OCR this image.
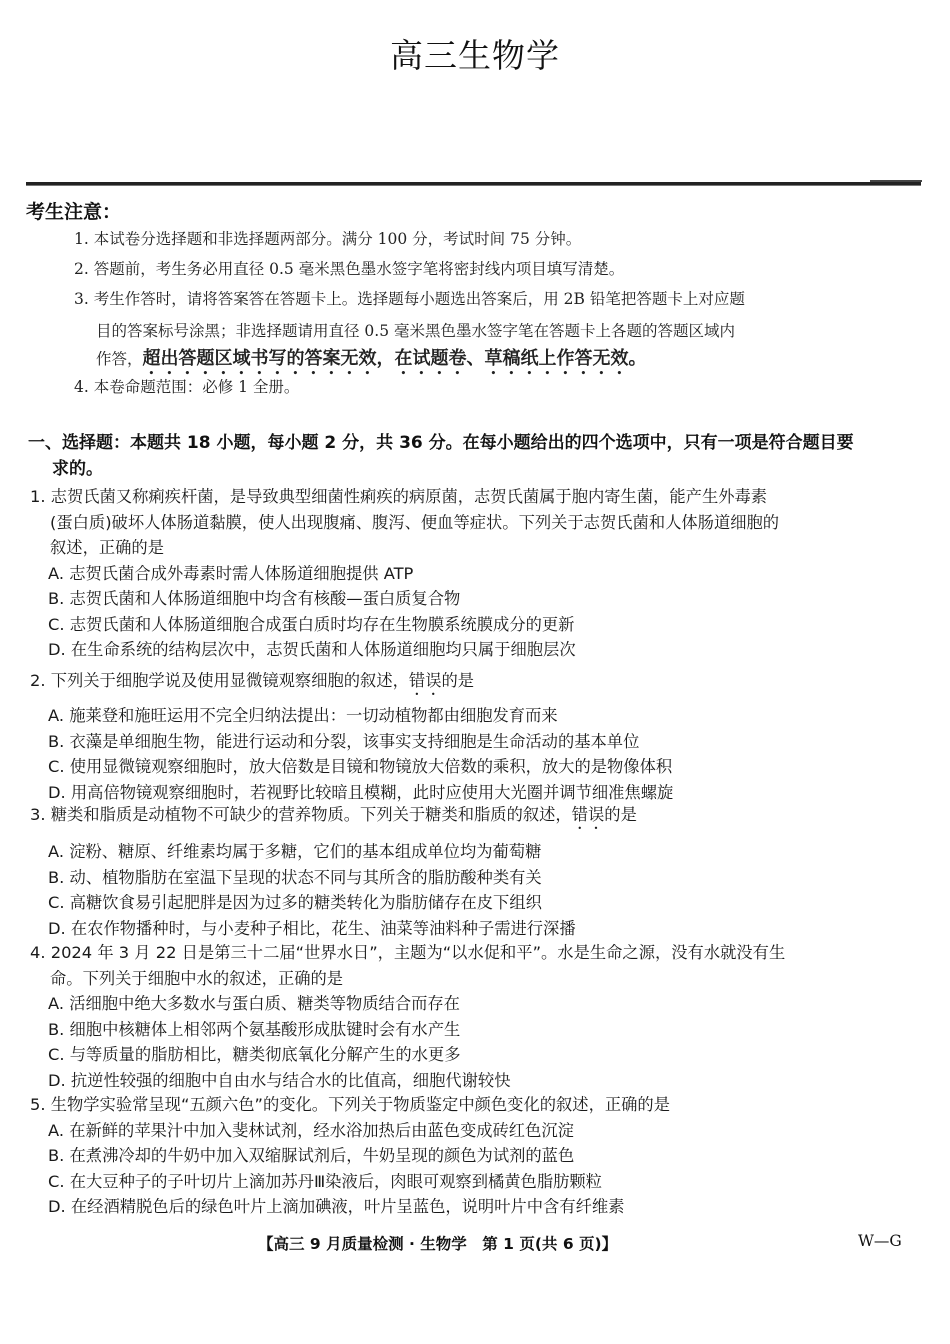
高三生物学
考生注意：
1. 本试卷分选择题和非选择题两部分。满分 100 分，考试时间 75 分钟。
2. 答题前，考生务必用直径 0.5 毫米黑色墨水签字笔将密封线内项目填写清楚。
3. 考生作答时，请将答案答在答题卡上。选择题每小题选出答案后，用 2B 铅笔把答题卡上对应题
目的答案标号涂黑；非选择题请用直径 0.5 毫米黑色墨水签字笔在答题卡上各题的答题区域内
作答，超出答题区域书写的答案无效，在试题卷、草稿纸上作答无效。
4. 本卷命题范围：必修 1 全册。
一、选择题：本题共 18 小题，每小题 2 分，共 36 分。在每小题给出的四个选项中，只有一项是符合题目要
求的。
1. 志贺氏菌又称痢疾杆菌，是导致典型细菌性痢疾的病原菌，志贺氏菌属于胞内寄生菌，能产生外毒素
(蛋白质)破坏人体肠道黏膜，使人出现腹痛、腹泻、便血等症状。下列关于志贺氏菌和人体肠道细胞的
叙述，正确的是
A. 志贺氏菌合成外毒素时需人体肠道细胞提供 ATP
B. 志贺氏菌和人体肠道细胞中均含有核酸—蛋白质复合物
C. 志贺氏菌和人体肠道细胞合成蛋白质时均存在生物膜系统膜成分的更新
D. 在生命系统的结构层次中，志贺氏菌和人体肠道细胞均只属于细胞层次
2. 下列关于细胞学说及使用显微镜观察细胞的叙述，错误的是
A. 施莱登和施旺运用不完全归纳法提出：一切动植物都由细胞发育而来
B. 衣藻是单细胞生物，能进行运动和分裂，该事实支持细胞是生命活动的基本单位
C. 使用显微镜观察细胞时，放大倍数是目镜和物镜放大倍数的乘积，放大的是物像体积
D. 用高倍物镜观察细胞时，若视野比较暗且模糊，此时应使用大光圈并调节细准焦螺旋
3. 糖类和脂质是动植物不可缺少的营养物质。下列关于糖类和脂质的叙述，错误的是
A. 淀粉、糖原、纤维素均属于多糖，它们的基本组成单位均为葡萄糖
B. 动、植物脂肪在室温下呈现的状态不同与其所含的脂肪酸种类有关
C. 高糖饮食易引起肥胖是因为过多的糖类转化为脂肪储存在皮下组织
D. 在农作物播种时，与小麦种子相比，花生、油菜等油料种子需进行深播
4. 2024 年 3 月 22 日是第三十二届“世界水日”，主题为“以水促和平”。水是生命之源，没有水就没有生
命。下列关于细胞中水的叙述，正确的是
A. 活细胞中绝大多数水与蛋白质、糖类等物质结合而存在
B. 细胞中核糖体上相邻两个氨基酸形成肽键时会有水产生
C. 与等质量的脂肪相比，糖类彻底氧化分解产生的水更多
D. 抗逆性较强的细胞中自由水与结合水的比值高，细胞代谢较快
5. 生物学实验常呈现“五颜六色”的变化。下列关于物质鉴定中颜色变化的叙述，正确的是
A. 在新鲜的苹果汁中加入斐林试剂，经水浴加热后由蓝色变成砖红色沉淀
B. 在煮沸冷却的牛奶中加入双缩脲试剂后，牛奶呈现的颜色为试剂的蓝色
C. 在大豆种子的子叶切片上滴加苏丹Ⅲ染液后，肉眼可观察到橘黄色脂肪颗粒
D. 在经酒精脱色后的绿色叶片上滴加碘液，叶片呈蓝色，说明叶片中含有纤维素
【高三 9 月质量检测 · 生物学　第 1 页(共 6 页)】	W—G
